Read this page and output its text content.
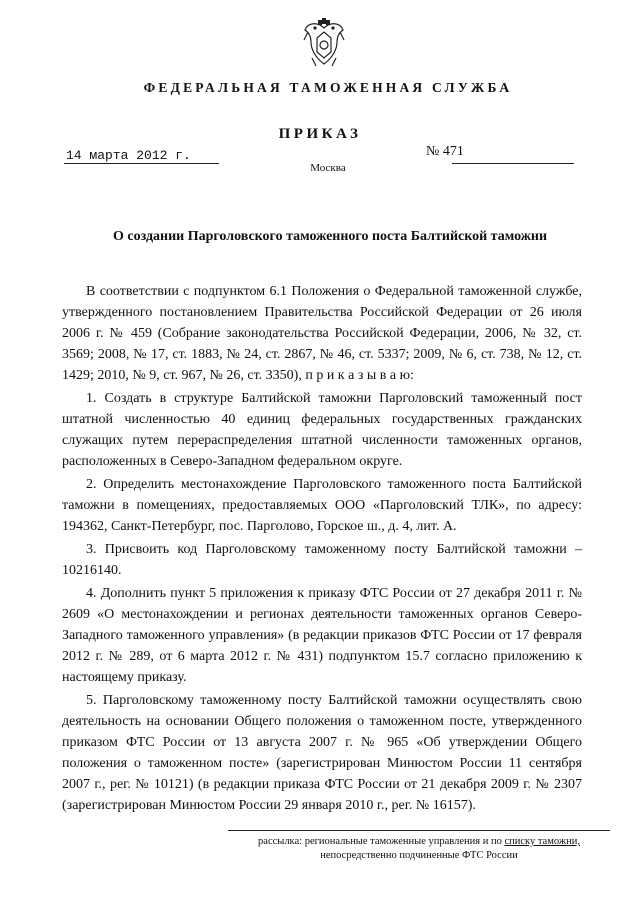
ФЕДЕРАЛЬНАЯ ТАМОЖЕННАЯ СЛУЖБА
ПРИКАЗ
14 марта 2012 г.	№ 471
Москва
О создании Парголовского таможенного поста Балтийской таможни

В соответствии с подпунктом 6.1 Положения о Федеральной таможенной службе, утвержденного постановлением Правительства Российской Федерации от 26 июля 2006 г. № 459 (Собрание законодательства Российской Федерации, 2006, № 32, ст. 3569; 2008, № 17, ст. 1883, № 24, ст. 2867, № 46, ст. 5337; 2009, № 6, ст. 738, № 12, ст. 1429; 2010, № 9, ст. 967, № 26, ст. 3350), п р и к а з ы в а ю:

1. Создать в структуре Балтийской таможни Парголовский таможенный пост штатной численностью 40 единиц федеральных государственных гражданских служащих путем перераспределения штатной численности таможенных органов, расположенных в Северо-Западном федеральном округе.

2. Определить местонахождение Парголовского таможенного поста Балтийской таможни в помещениях, предоставляемых ООО «Парголовский ТЛК», по адресу: 194362, Санкт-Петербург, пос. Парголово, Горское ш., д. 4, лит. А.

3. Присвоить код Парголовскому таможенному посту Балтийской таможни – 10216140.

4. Дополнить пункт 5 приложения к приказу ФТС России от 27 декабря 2011 г. № 2609 «О местонахождении и регионах деятельности таможенных органов Северо-Западного таможенного управления» (в редакции приказов ФТС России от 17 февраля 2012 г. № 289, от 6 марта 2012 г. № 431) подпунктом 15.7 согласно приложению к настоящему приказу.

5. Парголовскому таможенному посту Балтийской таможни осуществлять свою деятельность на основании Общего положения о таможенном посте, утвержденного приказом ФТС России от 13 августа 2007 г. № 965 «Об утверждении Общего положения о таможенном посте» (зарегистрирован Минюстом России 11 сентября 2007 г., рег. № 10121) (в редакции приказа ФТС России от 21 декабря 2009 г. № 2307 (зарегистрирован Минюстом России 29 января 2010 г., рег. № 16157).

рассылка: региональные таможенные управления и по списку таможни,
непосредственно подчиненные ФТС России
